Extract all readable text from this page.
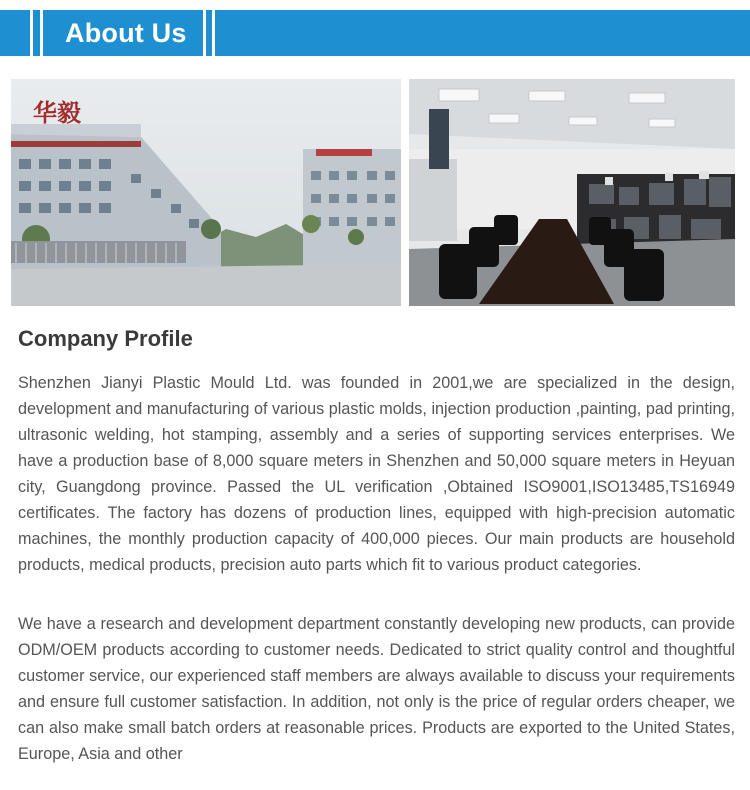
About Us
华毅
Company Profile
Shenzhen Jianyi Plastic Mould Ltd. was founded in 2001,we are specialized in the design, development and manufacturing of various plastic molds, injection production ,painting, pad printing, ultrasonic welding, hot stamping, assembly and a series of supporting services enterprises. We have a production base of 8,000 square meters in Shenzhen and 50,000 square meters in Heyuan city, Guangdong province. Passed the UL verification ,Obtained ISO9001,ISO13485,TS16949 certificates. The factory has dozens of production lines, equipped with high-precision automatic machines, the monthly production capacity of 400,000 pieces. Our main products are household products, medical products, precision auto parts which fit to various product categories.
We have a research and development department constantly developing new products, can provide ODM/OEM products according to customer needs. Dedicated to strict quality control and thoughtful customer service, our experienced staff members are always available to discuss your requirements and ensure full customer satisfaction. In addition, not only is the price of regular orders cheaper, we can also make small batch orders at reasonable prices. Products are exported to the United States, Europe, Asia and other
